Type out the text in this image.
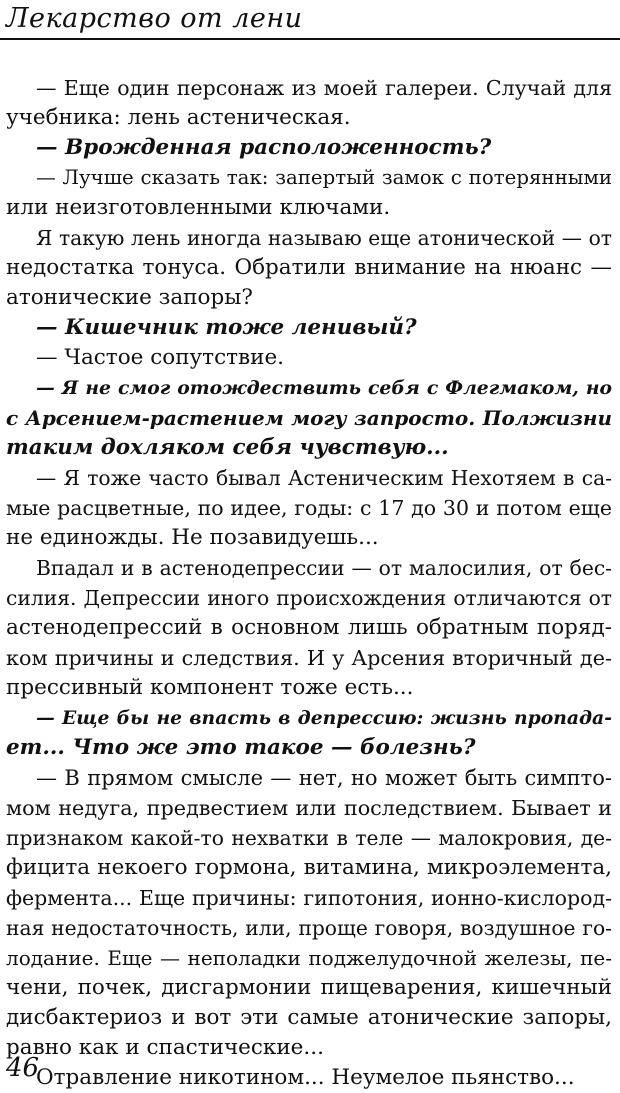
Лекарство от лени
— Еще один персонаж из моей галереи. Случай для
учебника: лень астеническая.
— Врожденная расположенность?
— Лучше сказать так: запертый замок с потерянными
или неизготовленными ключами.
Я такую лень иногда называю еще атонической — от
недостатка тонуса. Обратили внимание на нюанс —
атонические запоры?
— Кишечник тоже ленивый?
— Частое сопутствие.
— Я не смог отождествить себя с Флегмаком, но
с Арсением-растением могу запросто. Полжизни
таким дохляком себя чувствую...
— Я тоже часто бывал Астеническим Нехотяем в са-
мые расцветные, по идее, годы: с 17 до 30 и потом еще
не единожды. Не позавидуешь...
Впадал и в астенодепрессии — от малосилия, от бес-
силия. Депрессии иного происхождения отличаются от
астенодепрессий в основном лишь обратным поряд-
ком причины и следствия. И у Арсения вторичный де-
прессивный компонент тоже есть...
— Еще бы не впасть в депрессию: жизнь пропада-
ет... Что же это такое — болезнь?
— В прямом смысле — нет, но может быть симпто-
мом недуга, предвестием или последствием. Бывает и
признаком какой-то нехватки в теле — малокровия, де-
фицита некоего гормона, витамина, микроэлемента,
фермента... Еще причины: гипотония, ионно-кислород-
ная недостаточность, или, проще говоря, воздушное го-
лодание. Еще — неполадки поджелудочной железы, пе-
чени, почек, дисгармонии пищеварения, кишечный
дисбактериоз и вот эти самые атонические запоры,
равно как и спастические...
Отравление никотином... Неумелое пьянство...
46
